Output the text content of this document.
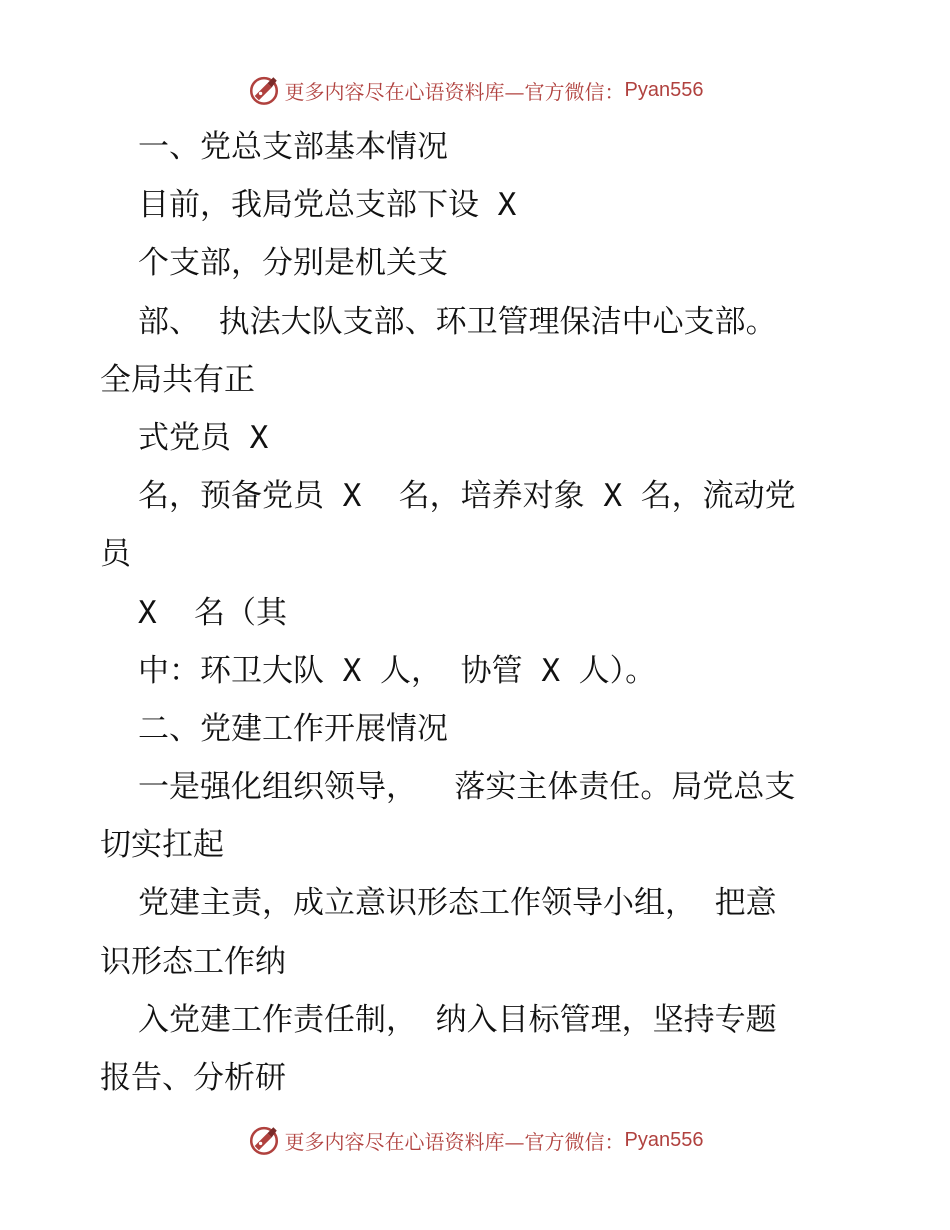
更多内容尽在心语资料库—官方微信： Pyan556
一、党总支部基本情况
目前，我局党总支部下设 X
个支部，分别是机关支
部、 执法大队支部、环卫管理保洁中心支部。
全局共有正
式党员 X
名，预备党员 X  名，培养对象 X 名，流动党
员
X  名（其
中：环卫大队 X 人， 协管 X 人）。
二、党建工作开展情况
一是强化组织领导，  落实主体责任。局党总支
切实扛起
党建主责，成立意识形态工作领导小组， 把意
识形态工作纳
入党建工作责任制， 纳入目标管理，坚持专题
报告、分析研
更多内容尽在心语资料库—官方微信： Pyan556
